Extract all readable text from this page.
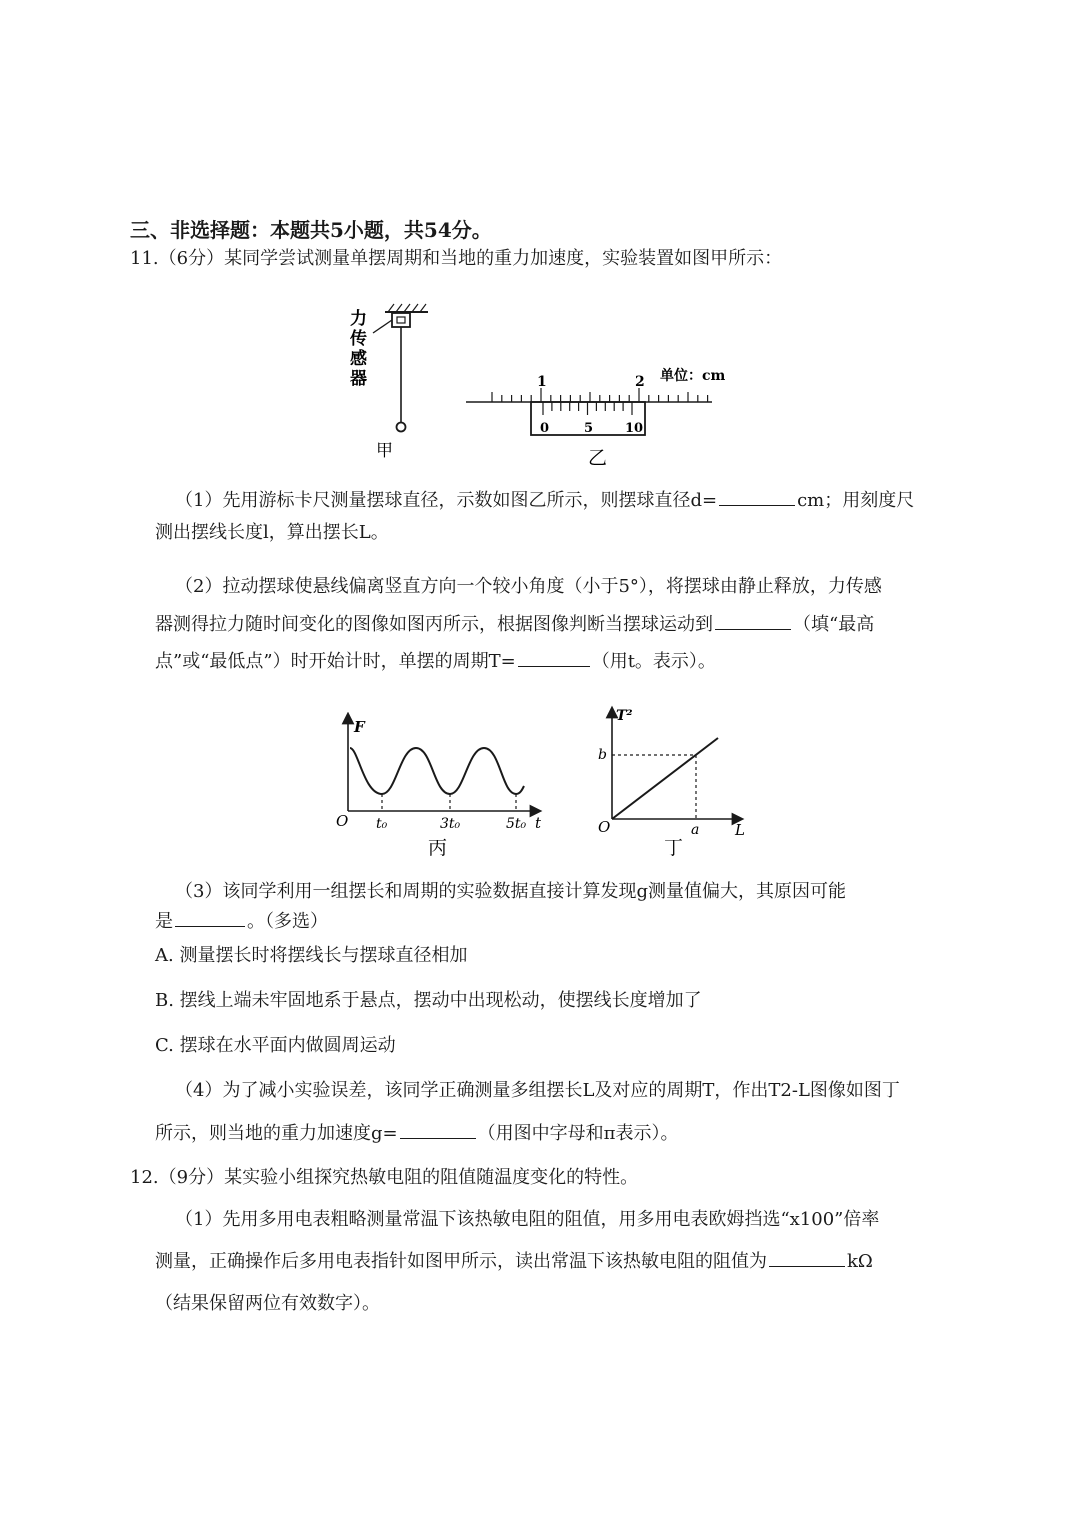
三、非选择题：本题共5小题，共54分。
11.（6分）某同学尝试测量单摆周期和当地的重力加速度，实验装置如图甲所示：
力
传
感
器
甲
1	2 单位：cm
0	5 10
乙
（1）先用游标卡尺测量摆球直径，示数如图乙所示，则摆球直径d=	cm；用刻度尺
测出摆线长度l，算出摆长L。
（2）拉动摆球使悬线偏离竖直方向一个较小角度（小于5°），将摆球由静止释放，力传感
器测得拉力随时间变化的图像如图丙所示，根据图像判断当摆球运动到	（填“最高
点”或“最低点”）时开始计时，单摆的周期T=	（用t。表示）。
F
t
O t₀	3t₀	5t₀
丙
T²
L
O
b
a
丁
（3）该同学利用一组摆长和周期的实验数据直接计算发现g测量值偏大，其原因可能
是	。（多选）
A. 测量摆长时将摆线长与摆球直径相加
B. 摆线上端未牢固地系于悬点，摆动中出现松动，使摆线长度增加了
C. 摆球在水平面内做圆周运动
（4）为了减小实验误差，该同学正确测量多组摆长L及对应的周期T，作出T2-L图像如图丁
所示，则当地的重力加速度g=	（用图中字母和π表示）。
12.（9分）某实验小组探究热敏电阻的阻值随温度变化的特性。
（1）先用多用电表粗略测量常温下该热敏电阻的阻值，用多用电表欧姆挡选“x100”倍率
测量，正确操作后多用电表指针如图甲所示，读出常温下该热敏电阻的阻值为	kΩ
（结果保留两位有效数字）。
